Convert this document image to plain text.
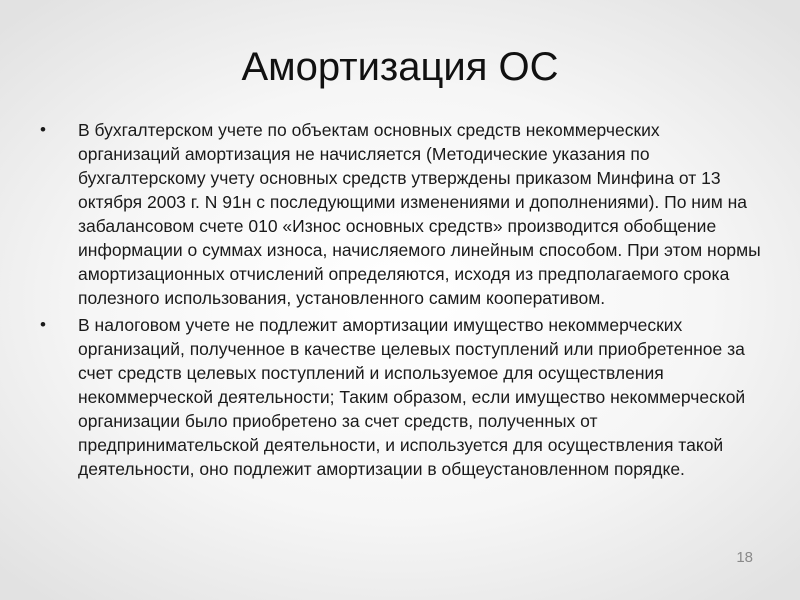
Амортизация ОС
•	В бухгалтерском учете по объектам основных средств некоммерческих организаций амортизация не начисляется (Методические указания по бухгалтерскому учету основных средств утверждены приказом Минфина от 13 октября 2003 г. N 91н с последующими изменениями и дополнениями). По ним на забалансовом счете 010 «Износ основных средств» производится обобщение информации о суммах износа, начисляемого линейным способом. При этом нормы амортизационных отчислений определяются, исходя из предполагаемого срока полезного использования, установленного самим кооперативом.
•	В налоговом учете не подлежит амортизации имущество некоммерческих организаций, полученное в качестве целевых поступлений или приобретенное за счет средств целевых поступлений и используемое для осуществления некоммерческой деятельности; Таким образом, если имущество некоммерческой организации было приобретено за счет средств, полученных от предпринимательской деятельности, и используется для осуществления такой деятельности, оно подлежит амортизации в общеустановленном порядке.
18
